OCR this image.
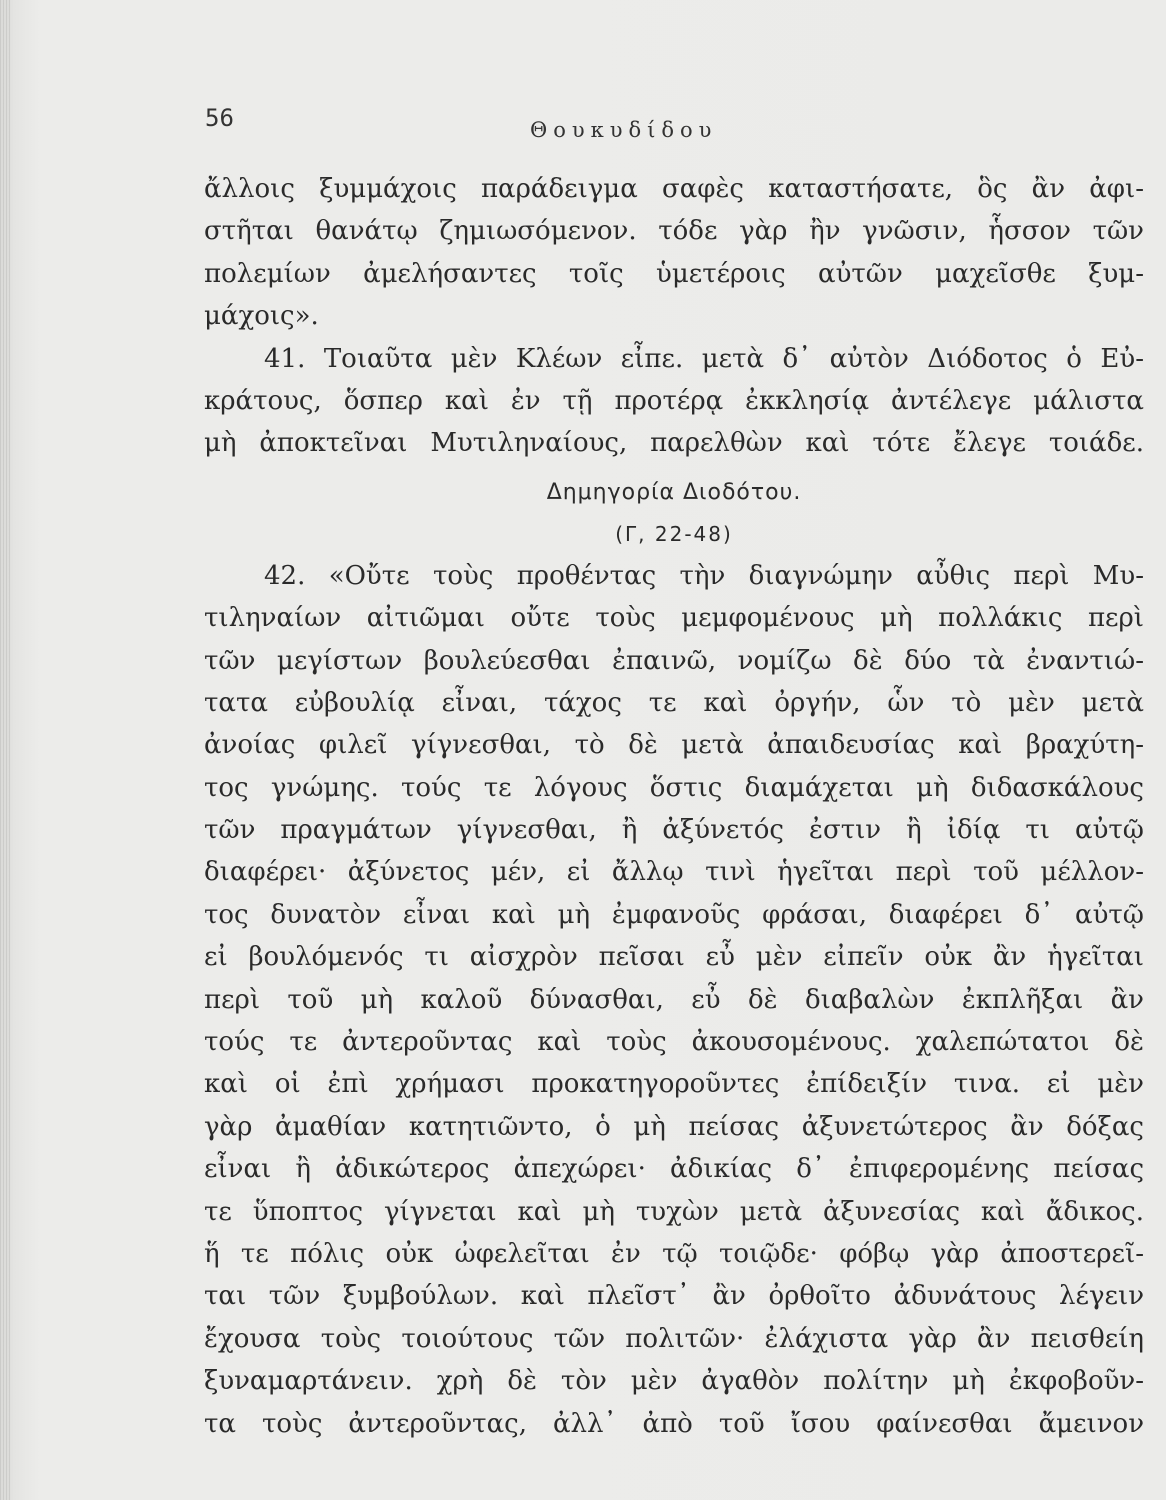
56	Θουκυδίδου
ἄλλοις ξυμμάχοις παράδειγμα σαφὲς καταστήσατε, ὃς ἂν ἀφι-
στῆται θανάτῳ ζημιωσόμενον. τόδε γὰρ ἢν γνῶσιν, ἧσσον τῶν
πολεμίων ἀμελήσαντες τοῖς ὑμετέροις αὐτῶν μαχεῖσθε ξυμ-
μάχοις».
41. Τοιαῦτα μὲν Κλέων εἶπε. μετὰ δ᾽ αὐτὸν Διόδοτος ὁ Εὐ-
κράτους, ὅσπερ καὶ ἐν τῇ προτέρᾳ ἐκκλησίᾳ ἀντέλεγε μάλιστα
μὴ ἀποκτεῖναι Μυτιληναίους, παρελθὼν καὶ τότε ἔλεγε τοιάδε.
Δημηγορία Διοδότου.
(Γ, 22-48)
42. «Οὔτε τοὺς προθέντας τὴν διαγνώμην αὖθις περὶ Μυ-
τιληναίων αἰτιῶμαι οὔτε τοὺς μεμφομένους μὴ πολλάκις περὶ
τῶν μεγίστων βουλεύεσθαι ἐπαινῶ, νομίζω δὲ δύο τὰ ἐναντιώ-
τατα εὐβουλίᾳ εἶναι, τάχος τε καὶ ὀργήν, ὧν τὸ μὲν μετὰ
ἀνοίας φιλεῖ γίγνεσθαι, τὸ δὲ μετὰ ἀπαιδευσίας καὶ βραχύτη-
τος γνώμης. τούς τε λόγους ὅστις διαμάχεται μὴ διδασκάλους
τῶν πραγμάτων γίγνεσθαι, ἢ ἀξύνετός ἐστιν ἢ ἰδίᾳ τι αὐτῷ
διαφέρει· ἀξύνετος μέν, εἰ ἄλλῳ τινὶ ἡγεῖται περὶ τοῦ μέλλον-
τος δυνατὸν εἶναι καὶ μὴ ἐμφανοῦς φράσαι, διαφέρει δ᾽ αὐτῷ
εἰ βουλόμενός τι αἰσχρὸν πεῖσαι εὖ μὲν εἰπεῖν οὐκ ἂν ἡγεῖται
περὶ τοῦ μὴ καλοῦ δύνασθαι, εὖ δὲ διαβαλὼν ἐκπλῆξαι ἂν
τούς τε ἀντεροῦντας καὶ τοὺς ἀκουσομένους. χαλεπώτατοι δὲ
καὶ οἱ ἐπὶ χρήμασι προκατηγοροῦντες ἐπίδειξίν τινα. εἰ μὲν
γὰρ ἀμαθίαν κατητιῶντο, ὁ μὴ πείσας ἀξυνετώτερος ἂν δόξας
εἶναι ἢ ἀδικώτερος ἀπεχώρει· ἀδικίας δ᾽ ἐπιφερομένης πείσας
τε ὕποπτος γίγνεται καὶ μὴ τυχὼν μετὰ ἀξυνεσίας καὶ ἄδικος.
ἥ τε πόλις οὐκ ὠφελεῖται ἐν τῷ τοιῷδε· φόβῳ γὰρ ἀποστερεῖ-
ται τῶν ξυμβούλων. καὶ πλεῖστ᾽ ἂν ὀρθοῖτο ἀδυνάτους λέγειν
ἔχουσα τοὺς τοιούτους τῶν πολιτῶν· ἐλάχιστα γὰρ ἂν πεισθείη
ξυναμαρτάνειν. χρὴ δὲ τὸν μὲν ἀγαθὸν πολίτην μὴ ἐκφοβοῦν-
τα τοὺς ἀντεροῦντας, ἀλλ᾽ ἀπὸ τοῦ ἴσου φαίνεσθαι ἄμεινον
